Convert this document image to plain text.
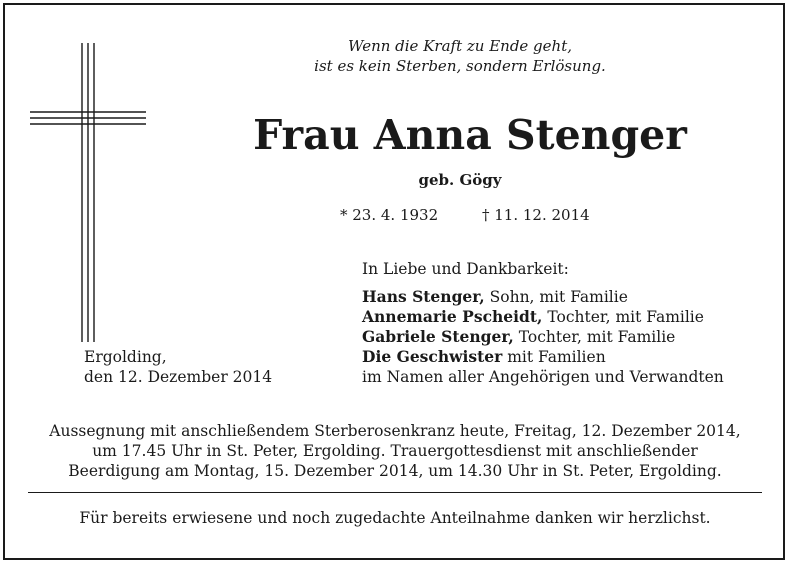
Wenn die Kraft zu Ende geht,
ist es kein Sterben, sondern Erlösung.
Frau Anna Stenger
geb. Gögy
* 23. 4. 1932	† 11. 12. 2014
In Liebe und Dankbarkeit:
Hans Stenger, Sohn, mit Familie
Annemarie Pscheidt, Tochter, mit Familie
Gabriele Stenger, Tochter, mit Familie
Die Geschwister mit Familien
im Namen aller Angehörigen und Verwandten
Ergolding,
den 12. Dezember 2014
Aussegnung mit anschließendem Sterberosenkranz heute, Freitag, 12. Dezember 2014,
um 17.45 Uhr in St. Peter, Ergolding. Trauergottesdienst mit anschließender
Beerdigung am Montag, 15. Dezember 2014, um 14.30 Uhr in St. Peter, Ergolding.
Für bereits erwiesene und noch zugedachte Anteilnahme danken wir herzlichst.
